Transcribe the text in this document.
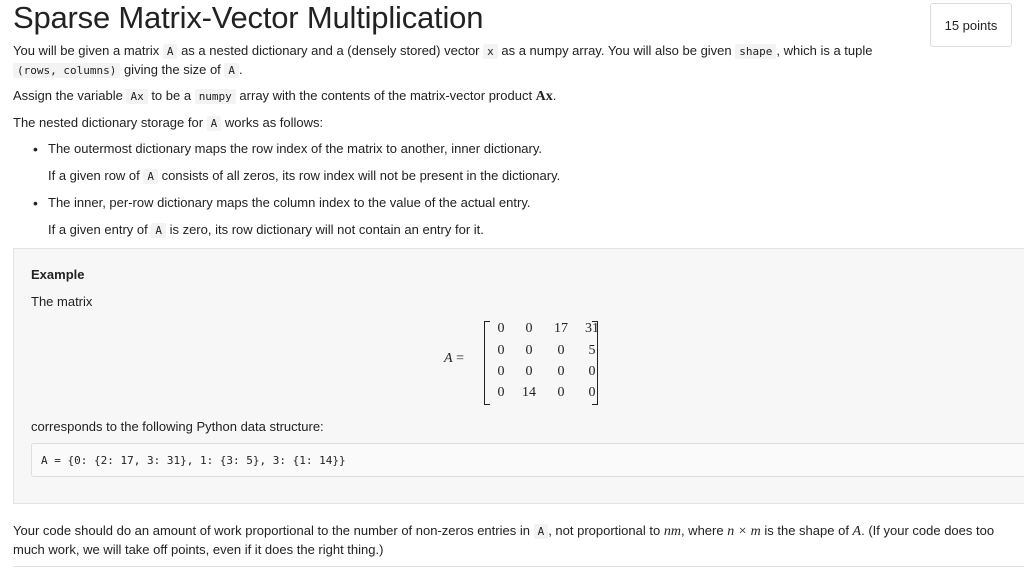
Sparse Matrix-Vector Multiplication	15 points

You will be given a matrix A as a nested dictionary and a (densely stored) vector x as a numpy array. You will also be given shape , which is a tuple (rows, columns) giving the size of A .

Assign the variable Ax to be a numpy array with the contents of the matrix-vector product Ax.

The nested dictionary storage for A works as follows:

• The outermost dictionary maps the row index of the matrix to another, inner dictionary.

If a given row of A consists of all zeros, its row index will not be present in the dictionary.

• The inner, per-row dictionary maps the column index to the value of the actual entry.

If a given entry of A is zero, its row dictionary will not contain an entry for it.

Example

The matrix

A =
0	0	17	31
0	0	0	5
0	0	0	0
0	14	0	0

corresponds to the following Python data structure:

A = {0: {2: 17, 3: 31}, 1: {3: 5}, 3: {1: 14}}

Your code should do an amount of work proportional to the number of non-zeros entries in A , not proportional to nm, where n × m is the shape of A. (If your code does too much work, we will take off points, even if it does the right thing.)
